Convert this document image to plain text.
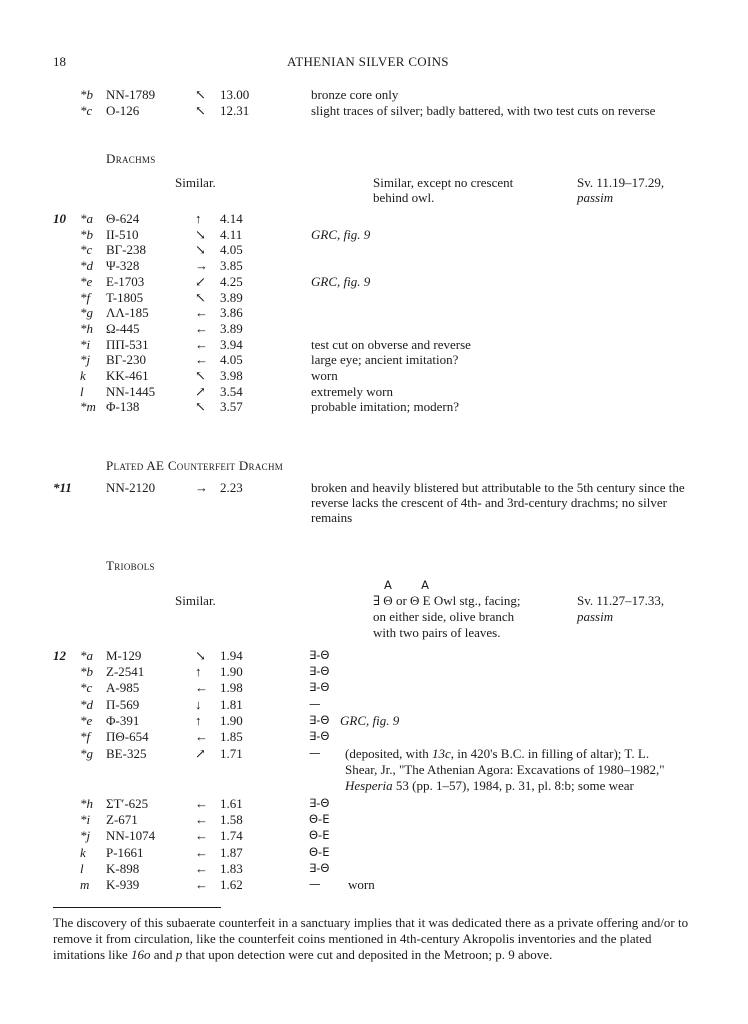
18	ATHENIAN SILVER COINS
*b NN-1789	↖ 13.00	bronze core only
*c O-126	↖ 12.31	slight traces of silver; badly battered, with two test cuts on reverse
Drachms
Similar.	Similar, except no crescent
behind owl.
Sv. 11.19–17.29,
passim
10 *a Θ-624	↑ 4.14
*b II-510	↘ 4.11	GRC, fig. 9
*c BΓ-238	↘ 4.05
*d Ψ-328	→ 3.85
*e E-1703	↙ 4.25	GRC, fig. 9
*f T-1805	↖ 3.89
*g ΛΛ-185	← 3.86
*h Ω-445	← 3.89
*i ΠΠ-531	← 3.94	test cut on obverse and reverse
*j BΓ-230	← 4.05	large eye; ancient imitation?
k KK-461	↖ 3.98	worn
l NN-1445	↗ 3.54	extremely worn
*m Φ-138	↖ 3.57	probable imitation; modern?
Plated AE Counterfeit Drachm
*11	NN-2120	→ 2.23	broken and heavily blistered but attributable to the 5th century since the reverse lacks the crescent of 4th- and 3rd-century drachms; no silver remains
Triobols
A        A
Similar.	∃ Θ or Θ E Owl stg., facing;
on either side, olive branch
with two pairs of leaves.
Sv. 11.27–17.33,
passim
12 *a M-129	↘ 1.94	∃-Θ
*b Z-2541	↑ 1.90	∃-Θ
*c A-985	← 1.98	∃-Θ
*d Π-569	↓ 1.81	—
*e Φ-391	↑ 1.90	∃-Θ GRC, fig. 9
*f ΠΘ-654	← 1.85	∃-Θ
*g BE-325	↗ 1.71	— (deposited, with 13c, in 420's B.C. in filling of altar); T. L.
Shear, Jr., "The Athenian Agora: Excavations of 1980–1982,"
Hesperia 53 (pp. 1–57), 1984, p. 31, pl. 8:b; some wear
*h ΣT′-625	← 1.61	∃-Θ
*i Z-671	← 1.58	Θ-E
*j NN-1074	← 1.74	Θ-E
k P-1661	← 1.87	Θ-E
l K-898	← 1.83	∃-Θ
m K-939	← 1.62	— worn
The discovery of this subaerate counterfeit in a sanctuary implies that it was dedicated there as a private offering and/or to remove it from circulation, like the counterfeit coins mentioned in 4th-century Akropolis inventories and the plated imitations like 16o and p that upon detection were cut and deposited in the Metroon; p. 9 above.
